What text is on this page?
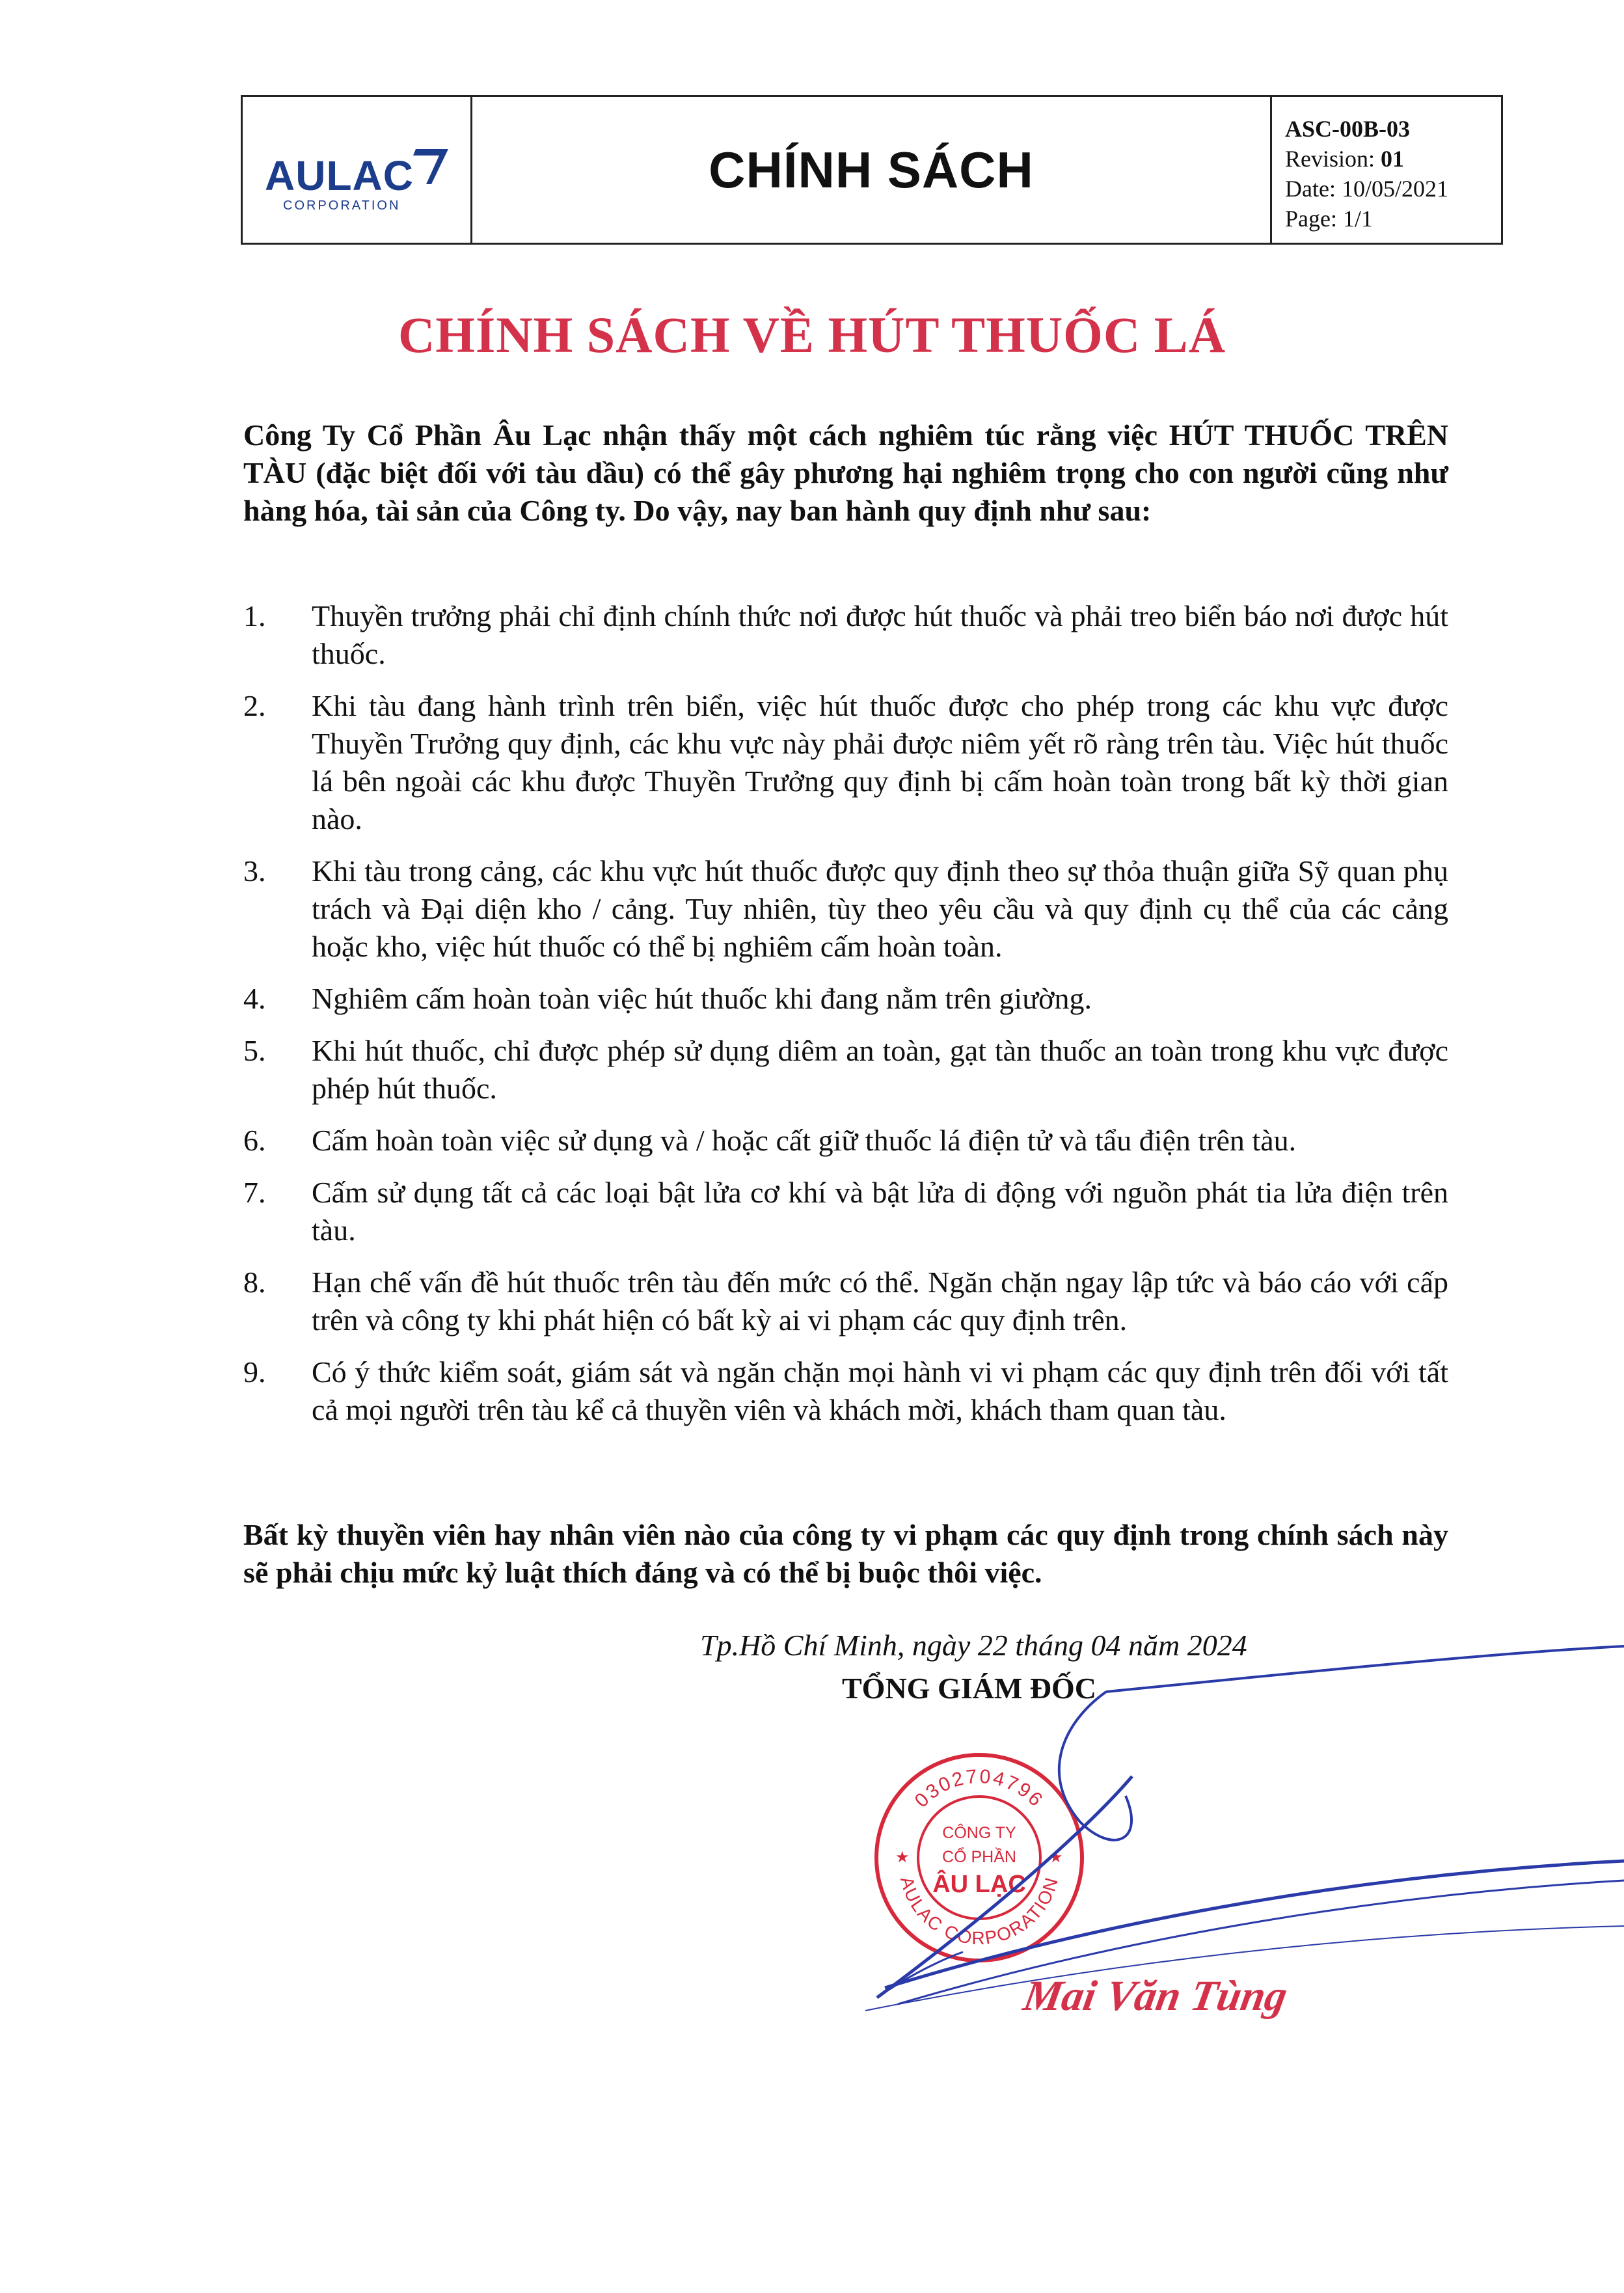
AULAC
CORPORATION
CHÍNH SÁCH
ASC-00B-03
Revision: 01
Date: 10/05/2021
Page: 1/1
CHÍNH SÁCH VỀ HÚT THUỐC LÁ
Công Ty Cổ Phần Âu Lạc nhận thấy một cách nghiêm túc rằng việc HÚT THUỐC TRÊN TÀU (đặc biệt đối với tàu dầu) có thể gây phương hại nghiêm trọng cho con người cũng như hàng hóa, tài sản của Công ty. Do vậy, nay ban hành quy định như sau:
1.	Thuyền trưởng phải chỉ định chính thức nơi được hút thuốc và phải treo biển báo nơi được hút thuốc.
2.	Khi tàu đang hành trình trên biển, việc hút thuốc được cho phép trong các khu vực được Thuyền Trưởng quy định, các khu vực này phải được niêm yết rõ ràng trên tàu. Việc hút thuốc lá bên ngoài các khu được Thuyền Trưởng quy định bị cấm hoàn toàn trong bất kỳ thời gian nào.
3.	Khi tàu trong cảng, các khu vực hút thuốc được quy định theo sự thỏa thuận giữa Sỹ quan phụ trách và Đại diện kho / cảng. Tuy nhiên, tùy theo yêu cầu và quy định cụ thể của các cảng hoặc kho, việc hút thuốc có thể bị nghiêm cấm hoàn toàn.
4.	Nghiêm cấm hoàn toàn việc hút thuốc khi đang nằm trên giường.
5.	Khi hút thuốc, chỉ được phép sử dụng diêm an toàn, gạt tàn thuốc an toàn trong khu vực được phép hút thuốc.
6.	Cấm hoàn toàn việc sử dụng và / hoặc cất giữ thuốc lá điện tử và tẩu điện trên tàu.
7.	Cấm sử dụng tất cả các loại bật lửa cơ khí và bật lửa di động với nguồn phát tia lửa điện trên tàu.
8.	Hạn chế vấn đề hút thuốc trên tàu đến mức có thể. Ngăn chặn ngay lập tức và báo cáo với cấp trên và công ty khi phát hiện có bất kỳ ai vi phạm các quy định trên.
9.	Có ý thức kiểm soát, giám sát và ngăn chặn mọi hành vi vi phạm các quy định trên đối với tất cả mọi người trên tàu kể cả thuyền viên và khách mời, khách tham quan tàu.
Bất kỳ thuyền viên hay nhân viên nào của công ty vi phạm các quy định trong chính sách này sẽ phải chịu mức kỷ luật thích đáng và có thể bị buộc thôi việc.
Tp.Hồ Chí Minh, ngày 22 tháng 04 năm 2024
TỔNG GIÁM ĐỐC
0302704796
AULAC CORPORATION
★	★
CÔNG TY
CỔ PHẦN
ÂU LẠC
Mai Văn Tùng
